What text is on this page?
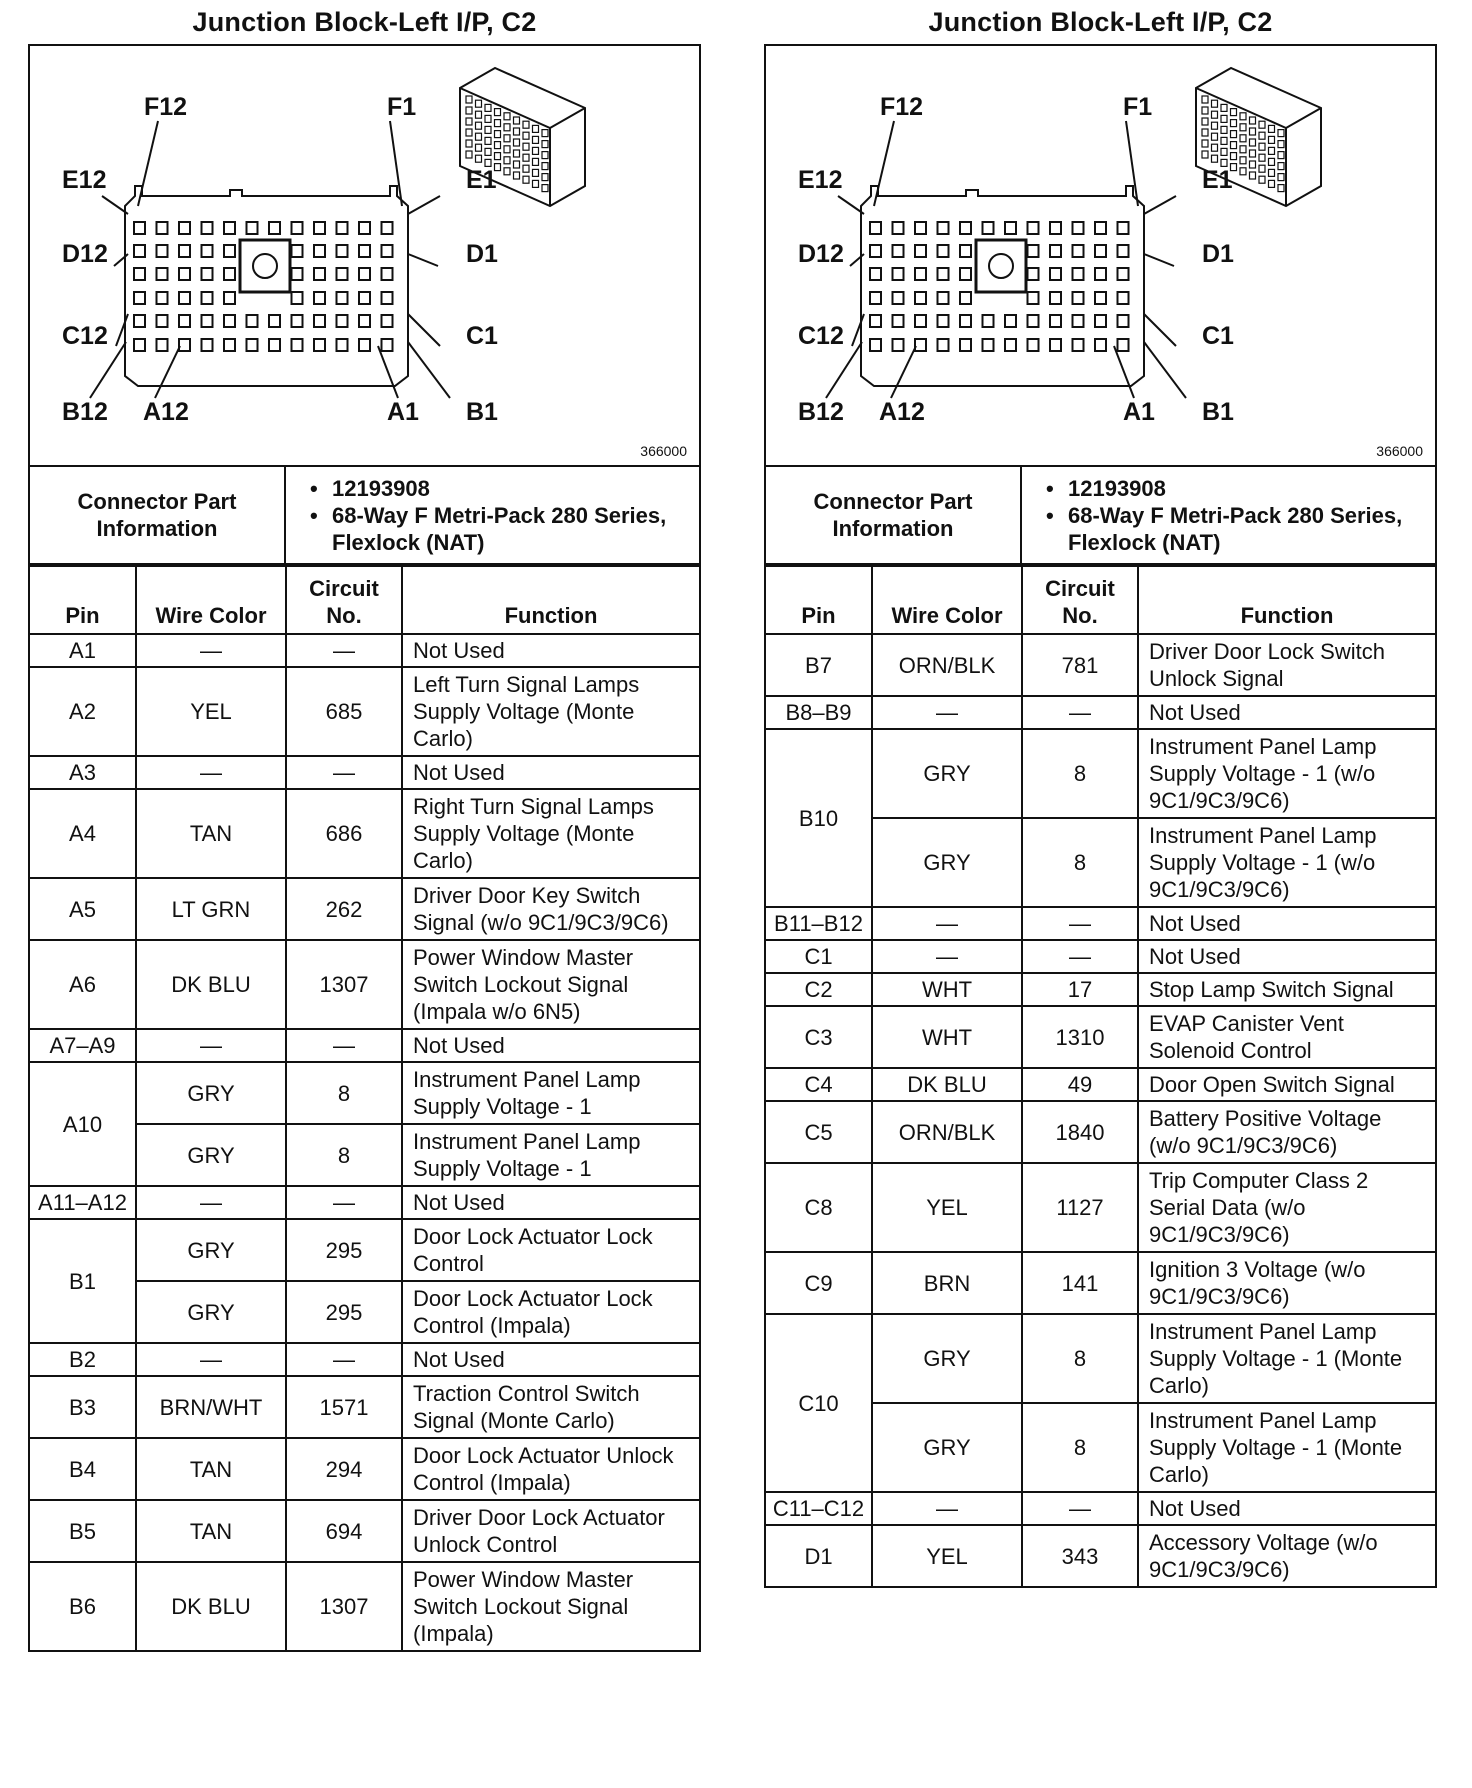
Junction Block-Left I/P, C2
F12	F1
E12	E1
D12	D1
C12	C1
B12 A12	A1 B1
366000
Connector Part Information	
• 12193908
• 68-Way F Metri-Pack 280 Series, Flexlock (NAT)
Pin	Wire Color	Circuit No.	Function
A1	—	—	Not Used
A2	YEL	685	Left Turn Signal Lamps Supply Voltage (Monte Carlo)
A3	—	—	Not Used
A4	TAN	686	Right Turn Signal Lamps Supply Voltage (Monte Carlo)
A5	LT GRN	262	Driver Door Key Switch Signal (w/o 9C1/9C3/9C6)
A6	DK BLU	1307	Power Window Master Switch Lockout Signal (Impala w/o 6N5)
A7–A9	—	—	Not Used
A10	GRY	8	Instrument Panel Lamp Supply Voltage - 1
	GRY	8	Instrument Panel Lamp Supply Voltage - 1
A11–A12	—	—	Not Used
B1	GRY	295	Door Lock Actuator Lock Control
	GRY	295	Door Lock Actuator Lock Control (Impala)
B2	—	—	Not Used
B3	BRN/WHT	1571	Traction Control Switch Signal (Monte Carlo)
B4	TAN	294	Door Lock Actuator Unlock Control (Impala)
B5	TAN	694	Driver Door Lock Actuator Unlock Control
B6	DK BLU	1307	Power Window Master Switch Lockout Signal (Impala)
Junction Block-Left I/P, C2
F12	F1
E12	E1
D12	D1
C12	C1
B12 A12	A1 B1
366000
Connector Part Information	
• 12193908
• 68-Way F Metri-Pack 280 Series, Flexlock (NAT)
Pin	Wire Color	Circuit No.	Function
B7	ORN/BLK	781	Driver Door Lock Switch Unlock Signal
B8–B9	—	—	Not Used
B10	GRY	8	Instrument Panel Lamp Supply Voltage - 1 (w/o 9C1/9C3/9C6)
	GRY	8	Instrument Panel Lamp Supply Voltage - 1 (w/o 9C1/9C3/9C6)
B11–B12	—	—	Not Used
C1	—	—	Not Used
C2	WHT	17	Stop Lamp Switch Signal
C3	WHT	1310	EVAP Canister Vent Solenoid Control
C4	DK BLU	49	Door Open Switch Signal
C5	ORN/BLK	1840	Battery Positive Voltage (w/o 9C1/9C3/9C6)
C8	YEL	1127	Trip Computer Class 2 Serial Data (w/o 9C1/9C3/9C6)
C9	BRN	141	Ignition 3 Voltage (w/o 9C1/9C3/9C6)
C10	GRY	8	Instrument Panel Lamp Supply Voltage - 1 (Monte Carlo)
	GRY	8	Instrument Panel Lamp Supply Voltage - 1 (Monte Carlo)
C11–C12	—	—	Not Used
D1	YEL	343	Accessory Voltage (w/o 9C1/9C3/9C6)
